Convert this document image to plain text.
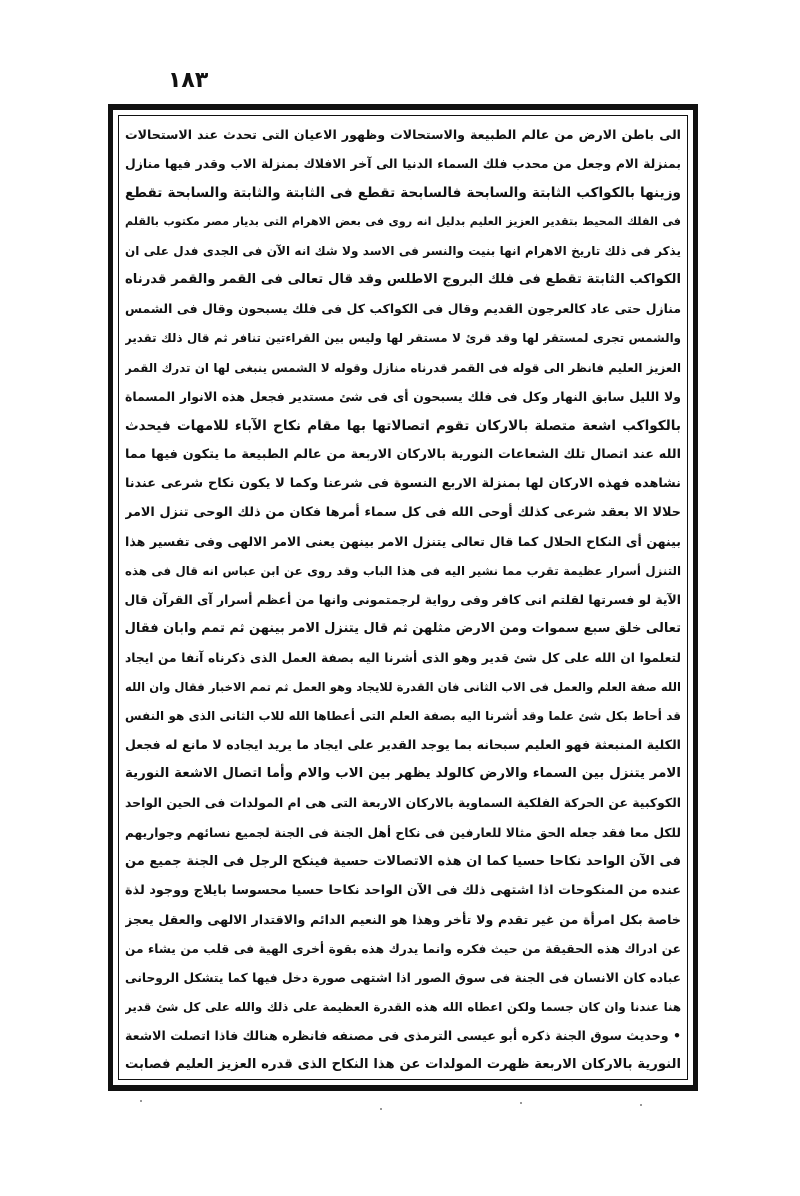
١٨٣
الى باطن الارض من عالم الطبيعة والاستحالات وظهور الاعيان التى تحدث عند الاستحالات
بمنزلة الام وجعل من محدب فلك السماء الدنيا الى آخر الافلاك بمنزلة الاب وقدر فيها منازل
وزينها بالكواكب الثابتة والسابحة فالسابحة تقطع فى الثابتة والثابتة والسابحة تقطع
فى الفلك المحيط بتقدير العزيز العليم بدليل انه روى فى بعض الاهرام التى بديار مصر مكتوب بالقلم
يذكر فى ذلك تاريخ الاهرام انها بنيت والنسر فى الاسد ولا شك انه الآن فى الجدى فدل على ان
الكواكب الثابتة تقطع فى فلك البروج الاطلس وقد قال تعالى فى القمر والقمر قدرناه
منازل حتى عاد كالعرجون القديم وقال فى الكواكب كل فى فلك يسبحون وقال فى الشمس
والشمس تجرى لمستقر لها وقد قرئ لا مستقر لها وليس بين القراءتين تنافر ثم قال ذلك تقدير
العزيز العليم فانظر الى قوله فى القمر قدرناه منازل وقوله لا الشمس ينبغى لها ان تدرك القمر
ولا الليل سابق النهار وكل فى فلك يسبحون أى فى شئ مستدير فجعل هذه الانوار المسماة
بالكواكب اشعة متصلة بالاركان تقوم اتصالاتها بها مقام نكاح الآباء للامهات فيحدث
الله عند اتصال تلك الشعاعات النورية بالاركان الاربعة من عالم الطبيعة ما يتكون فيها مما
نشاهده فهذه الاركان لها بمنزلة الاربع النسوة فى شرعنا وكما لا يكون نكاح شرعى عندنا
حلالا الا بعقد شرعى كذلك أوحى الله فى كل سماء أمرها فكان من ذلك الوحى تنزل الامر
بينهن أى النكاح الحلال كما قال تعالى يتنزل الامر بينهن يعنى الامر الالهى وفى تفسير هذا
التنزل أسرار عظيمة تقرب مما نشير اليه فى هذا الباب وقد روى عن ابن عباس انه قال فى هذه
الآية لو فسرتها لقلتم انى كافر وفى رواية لرجمتمونى وانها من أعظم أسرار آى القرآن قال
تعالى خلق سبع سموات ومن الارض مثلهن ثم قال يتنزل الامر بينهن ثم تمم وابان فقال
لتعلموا ان الله على كل شئ قدير وهو الذى أشرنا اليه بصفة العمل الذى ذكرناه آنفا من ايجاد
الله صفة العلم والعمل فى الاب الثانى فان القدرة للايجاد وهو العمل ثم تمم الاخبار فقال وان الله
قد أحاط بكل شئ علما وقد أشرنا اليه بصفة العلم التى أعطاها الله للاب الثانى الذى هو النفس
الكلية المنبعثة فهو العليم سبحانه بما يوجد القدير على ايجاد ما يريد ايجاده لا مانع له فجعل
الامر يتنزل بين السماء والارض كالولد يظهر بين الاب والام وأما اتصال الاشعة النورية
الكوكبية عن الحركة الفلكية السماوية بالاركان الاربعة التى هى ام المولدات فى الحين الواحد
للكل معا فقد جعله الحق مثالا للعارفين فى نكاح أهل الجنة فى الجنة لجميع نسائهم وجواريهم
فى الآن الواحد نكاحا حسيا كما ان هذه الاتصالات حسية فينكح الرجل فى الجنة جميع من
عنده من المنكوحات اذا اشتهى ذلك فى الآن الواحد نكاحا حسيا محسوسا بايلاج ووجود لذة
خاصة بكل امرأة من غير تقدم ولا تأخر وهذا هو النعيم الدائم والاقتدار الالهى والعقل يعجز
عن ادراك هذه الحقيقة من حيث فكره وانما يدرك هذه بقوة أخرى الهية فى قلب من يشاء من
عباده كان الانسان فى الجنة فى سوق الصور اذا اشتهى صورة دخل فيها كما يتشكل الروحانى
هنا عندنا وان كان جسما ولكن اعطاه الله هذه القدرة العظيمة على ذلك والله على كل شئ قدير
• وحديث سوق الجنة ذكره أبو عيسى الترمذى فى مصنفه فانظره هنالك فاذا اتصلت الاشعة
النورية بالاركان الاربعة ظهرت المولدات عن هذا النكاح الذى قدره العزيز العليم فصابت
